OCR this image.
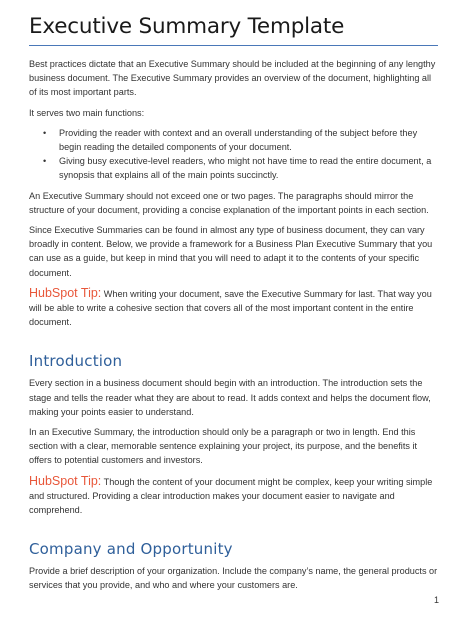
Executive Summary Template

Best practices dictate that an Executive Summary should be included at the beginning of any lengthy business document. The Executive Summary provides an overview of the document, highlighting all of its most important parts.

It serves two main functions:

• Providing the reader with context and an overall understanding of the subject before they begin reading the detailed components of your document.
• Giving busy executive-level readers, who might not have time to read the entire document, a synopsis that explains all of the main points succinctly.

An Executive Summary should not exceed one or two pages. The paragraphs should mirror the structure of your document, providing a concise explanation of the important points in each section.

Since Executive Summaries can be found in almost any type of business document, they can vary broadly in content. Below, we provide a framework for a Business Plan Executive Summary that you can use as a guide, but keep in mind that you will need to adapt it to the contents of your specific document.

HubSpot Tip: When writing your document, save the Executive Summary for last. That way you will be able to write a cohesive section that covers all of the most important content in the entire document.

Introduction

Every section in a business document should begin with an introduction. The introduction sets the stage and tells the reader what they are about to read. It adds context and helps the document flow, making your points easier to understand.

In an Executive Summary, the introduction should only be a paragraph or two in length. End this section with a clear, memorable sentence explaining your project, its purpose, and the benefits it offers to potential customers and investors.

HubSpot Tip: Though the content of your document might be complex, keep your writing simple and structured. Providing a clear introduction makes your document easier to navigate and comprehend.

Company and Opportunity

Provide a brief description of your organization. Include the company’s name, the general products or services that you provide, and who and where your customers are.

1
